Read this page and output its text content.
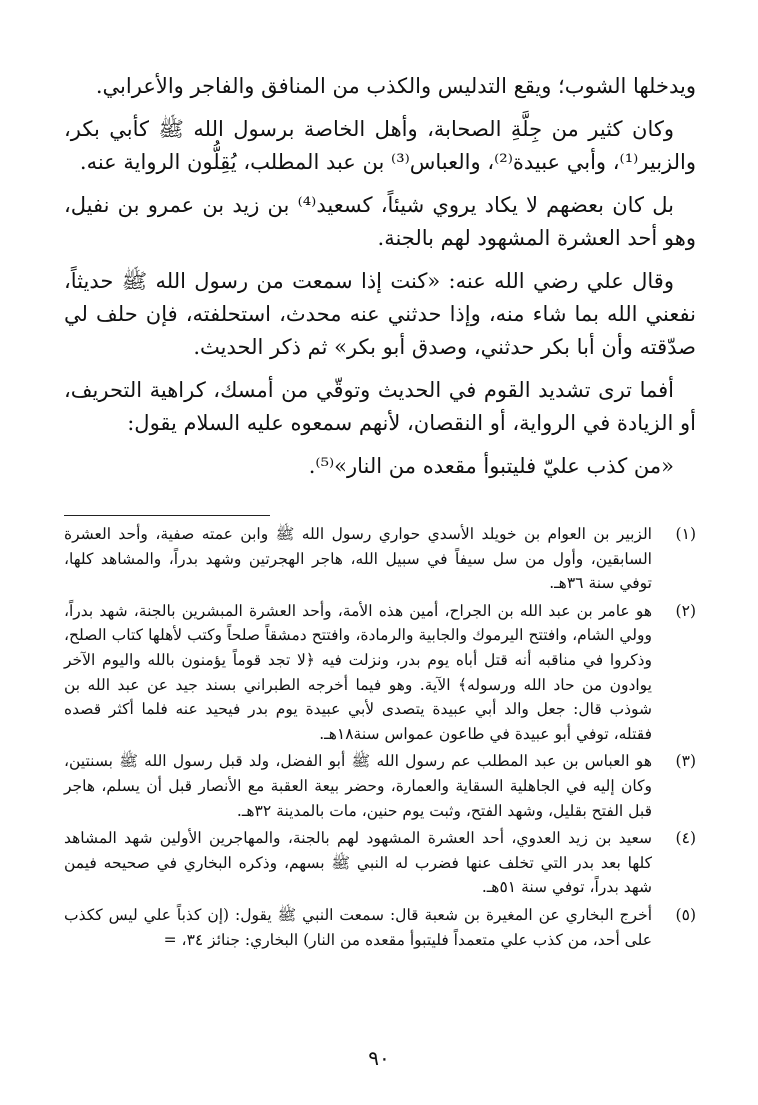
ويدخلها الشوب؛ ويقع التدليس والكذب من المنافق والفاجر والأعرابي.

وكان كثير من جِلَّةِ الصحابة، وأهل الخاصة برسول الله ﷺ كأبي بكر، والزبير⁽¹⁾، وأبي عبيدة⁽²⁾، والعباس⁽³⁾ بن عبد المطلب، يُقِلُّون الرواية عنه.

بل كان بعضهم لا يكاد يروي شيئاً، كسعيد⁽⁴⁾ بن زيد بن عمرو بن نفيل، وهو أحد العشرة المشهود لهم بالجنة.

وقال علي رضي الله عنه: «كنت إذا سمعت من رسول الله ﷺ حديثاً، نفعني الله بما شاء منه، وإذا حدثني عنه محدث، استحلفته، فإن حلف لي صدّقته وأن أبا بكر حدثني، وصدق أبو بكر» ثم ذكر الحديث.

أفما ترى تشديد القوم في الحديث وتوقّي من أمسك، كراهية التحريف، أو الزيادة في الرواية، أو النقصان، لأنهم سمعوه عليه السلام يقول:

«من كذب عليّ فليتبوأ مقعده من النار»⁽⁵⁾.

(١)
الزبير بن العوام بن خويلد الأسدي حواري رسول الله ﷺ وابن عمته صفية، وأحد العشرة السابقين، وأول من سل سيفاً في سبيل الله، هاجر الهجرتين وشهد بدراً، والمشاهد كلها، توفي سنة ٣٦هـ.
(٢)
هو عامر بن عبد الله بن الجراح، أمين هذه الأمة، وأحد العشرة المبشرين بالجنة، شهد بدراً، وولي الشام، وافتتح اليرموك والجابية والرمادة، وافتتح دمشقاً صلحاً وكتب لأهلها كتاب الصلح، وذكروا في مناقبه أنه قتل أباه يوم بدر، ونزلت فيه ﴿لا تجد قوماً يؤمنون بالله واليوم الآخر يوادون من حاد الله ورسوله﴾ الآية. وهو فيما أخرجه الطبراني بسند جيد عن عبد الله بن شوذب قال: جعل والد أبي عبيدة يتصدى لأبي عبيدة يوم بدر فيحيد عنه فلما أكثر قصده فقتله، توفي أبو عبيدة في طاعون عمواس سنة١٨هـ.
(٣)
هو العباس بن عبد المطلب عم رسول الله ﷺ أبو الفضل، ولد قبل رسول الله ﷺ بسنتين، وكان إليه في الجاهلية السقاية والعمارة، وحضر بيعة العقبة مع الأنصار قبل أن يسلم، هاجر قبل الفتح بقليل، وشهد الفتح، وثبت يوم حنين، مات بالمدينة ٣٢هـ.
(٤)
سعيد بن زيد العدوي، أحد العشرة المشهود لهم بالجنة، والمهاجرين الأولين شهد المشاهد كلها بعد بدر التي تخلف عنها فضرب له النبي ﷺ بسهم، وذكره البخاري في صحيحه فيمن شهد بدراً، توفي سنة ٥١هـ.
(٥)
أخرج البخاري عن المغيرة بن شعبة قال: سمعت النبي ﷺ يقول: (إن كذباً علي ليس ككذب على أحد، من كذب علي متعمداً فليتبوأ مقعده من النار) البخاري: جنائز ٣٤، =
٩٠
